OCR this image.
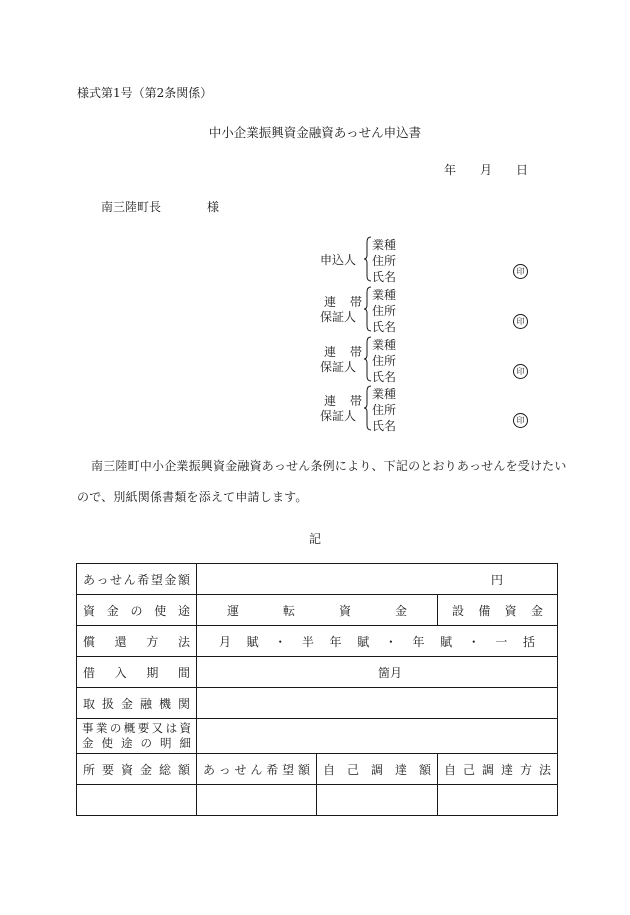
様式第1号（第2条関係）
中小企業振興資金融資あっせん申込書
年 月 日
南三陸町長	様
申込人
業種
住所
氏名	印
連帯
保証人
業種
住所
氏名	印
連帯
保証人
業種
住所
氏名	印
連帯
保証人
業種
住所
氏名	印
南三陸町中小企業振興資金融資あっせん条例により、下記のとおりあっせんを受けたい
ので、別紙関係書類を添えて申請します。
記
あっせん希望金額	円		
資金の使途	運転資金		設備資金
償還方法	月賦・半年賦・年賦・一括		
借入期間	箇月		
取扱金融機関			

事業の概要又は資
金使途の明細			

所要資金総額	あっせん希望額	自己調達額	自己調達方法
